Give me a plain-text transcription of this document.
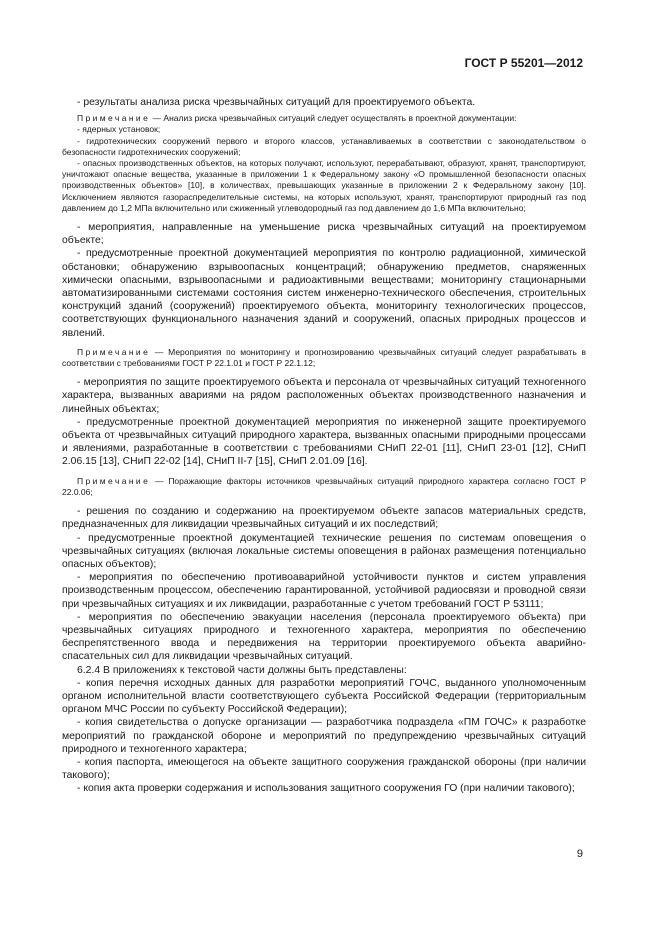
ГОСТ Р 55201—2012

- результаты анализа риска чрезвычайных ситуаций для проектируемого объекта.

Примечание — Анализ риска чрезвычайных ситуаций следует осуществлять в проектной документации:

- ядерных установок;

- гидротехнических сооружений первого и второго классов, устанавливаемых в соответствии с законодательством о безопасности гидротехнических сооружений;

- опасных производственных объектов, на которых получают, используют, перерабатывают, образуют, хранят, транспортируют, уничтожают опасные вещества, указанные в приложении 1 к Федеральному закону «О промышленной безопасности опасных производственных объектов» [10], в количествах, превышающих указанные в приложении 2 к Федеральному закону [10]. Исключением являются газораспределительные системы, на которых используют, хранят, транспортируют природный газ под давлением до 1,2 МПа включительно или сжиженный углеводородный газ под давлением до 1,6 МПа включительно;

- мероприятия, направленные на уменьшение риска чрезвычайных ситуаций на проектируемом объекте;

- предусмотренные проектной документацией мероприятия по контролю радиационной, химической обстановки; обнаружению взрывоопасных концентраций; обнаружению предметов, снаряженных химически опасными, взрывоопасными и радиоактивными веществами; мониторингу стационарными автоматизированными системами состояния систем инженерно-технического обеспечения, строительных конструкций зданий (сооружений) проектируемого объекта, мониторингу технологических процессов, соответствующих функционального назначения зданий и сооружений, опасных природных процессов и явлений.

Примечание — Мероприятия по мониторингу и прогнозированию чрезвычайных ситуаций следует разрабатывать в соответствии с требованиями ГОСТ Р 22.1.01 и ГОСТ Р 22.1.12;

- мероприятия по защите проектируемого объекта и персонала от чрезвычайных ситуаций техногенного характера, вызванных авариями на рядом расположенных объектах производственного назначения и линейных объектах;

- предусмотренные проектной документацией мероприятия по инженерной защите проектируемого объекта от чрезвычайных ситуаций природного характера, вызванных опасными природными процессами и явлениями, разработанные в соответствии с требованиями СНиП 22-01 [11], СНиП 23-01 [12], СНиП 2.06.15 [13], СНиП 22-02 [14], СНиП II-7 [15], СНиП 2.01.09 [16].

Примечание — Поражающие факторы источников чрезвычайных ситуаций природного характера согласно ГОСТ Р 22.0.06;

- решения по созданию и содержанию на проектируемом объекте запасов материальных средств, предназначенных для ликвидации чрезвычайных ситуаций и их последствий;

- предусмотренные проектной документацией технические решения по системам оповещения о чрезвычайных ситуациях (включая локальные системы оповещения в районах размещения потенциально опасных объектов);

- мероприятия по обеспечению противоаварийной устойчивости пунктов и систем управления производственным процессом, обеспечению гарантированной, устойчивой радиосвязи и проводной связи при чрезвычайных ситуациях и их ликвидации, разработанные с учетом требований ГОСТ Р 53111;

- мероприятия по обеспечению эвакуации населения (персонала проектируемого объекта) при чрезвычайных ситуациях природного и техногенного характера, мероприятия по обеспечению беспрепятственного ввода и передвижения на территории проектируемого объекта аварийно-спасательных сил для ликвидации чрезвычайных ситуаций.

6.2.4 В приложениях к текстовой части должны быть представлены:

- копия перечня исходных данных для разработки мероприятий ГОЧС, выданного уполномоченным органом исполнительной власти соответствующего субъекта Российской Федерации (территориальным органом МЧС России по субъекту Российской Федерации);

- копия свидетельства о допуске организации — разработчика подраздела «ПМ ГОЧС» к разработке мероприятий по гражданской обороне и мероприятий по предупреждению чрезвычайных ситуаций природного и техногенного характера;

- копия паспорта, имеющегося на объекте защитного сооружения гражданской обороны (при наличии такового);

- копия акта проверки содержания и использования защитного сооружения ГО (при наличии такового);

9
